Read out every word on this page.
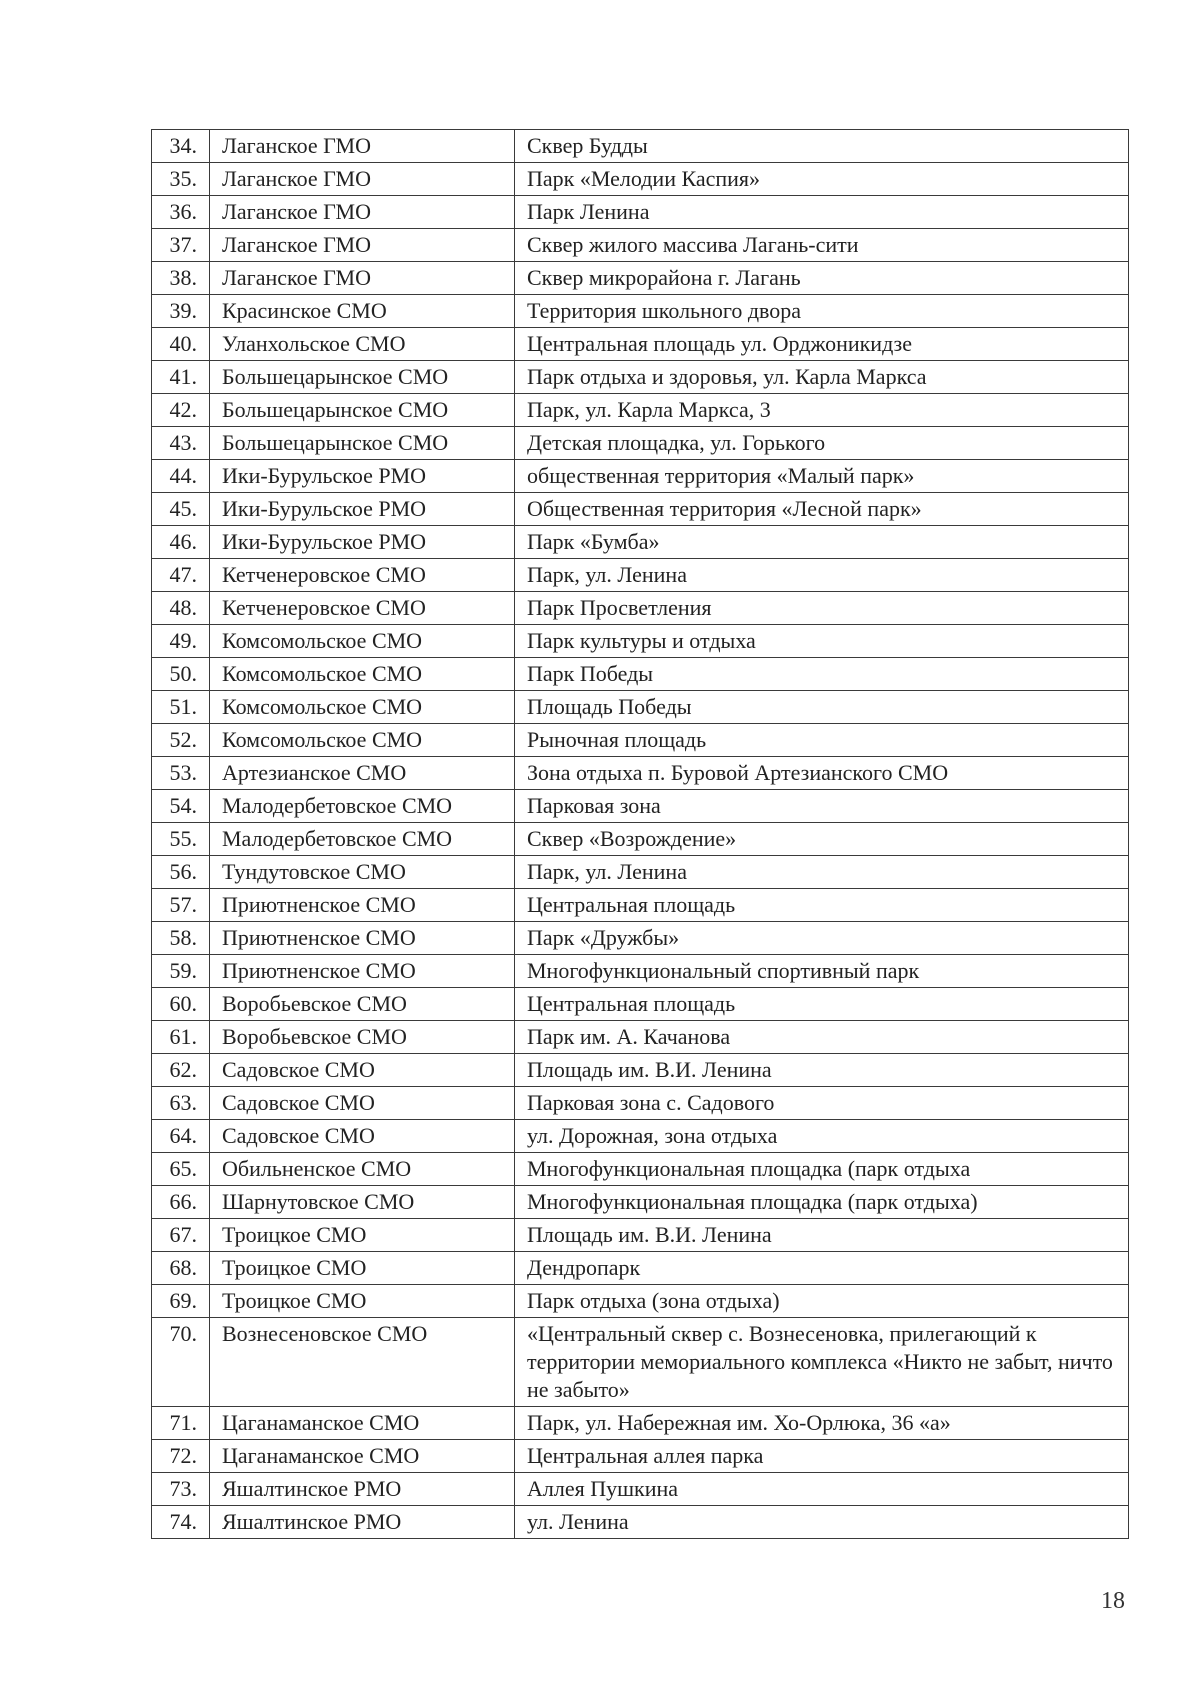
34.	Лаганское ГМО	Сквер Будды
35.	Лаганское ГМО	Парк «Мелодии Каспия»
36.	Лаганское ГМО	Парк Ленина
37.	Лаганское ГМО	Сквер жилого массива Лагань-сити
38.	Лаганское ГМО	Сквер микрорайона г. Лагань
39.	Красинское СМО	Территория школьного двора
40.	Уланхольское СМО	Центральная площадь ул. Орджоникидзе
41.	Большецарынское СМО	Парк отдыха и здоровья, ул. Карла Маркса
42.	Большецарынское СМО	Парк, ул. Карла Маркса, 3
43.	Большецарынское СМО	Детская площадка, ул. Горького
44.	Ики-Бурульское РМО	общественная территория «Малый парк»
45.	Ики-Бурульское РМО	Общественная территория «Лесной парк»
46.	Ики-Бурульское РМО	Парк «Бумба»
47.	Кетченеровское СМО	Парк, ул. Ленина
48.	Кетченеровское СМО	Парк Просветления
49.	Комсомольское СМО	Парк культуры и отдыха
50.	Комсомольское СМО	Парк Победы
51.	Комсомольское СМО	Площадь Победы
52.	Комсомольское СМО	Рыночная площадь
53.	Артезианское СМО	Зона отдыха п. Буровой Артезианского СМО
54.	Малодербетовское СМО	Парковая зона
55.	Малодербетовское СМО	Сквер «Возрождение»
56.	Тундутовское СМО	Парк, ул. Ленина
57.	Приютненское СМО	Центральная площадь
58.	Приютненское СМО	Парк «Дружбы»
59.	Приютненское СМО	Многофункциональный спортивный парк
60.	Воробьевское СМО	Центральная площадь
61.	Воробьевское СМО	Парк им. А. Качанова
62.	Садовское СМО	Площадь им. В.И. Ленина
63.	Садовское СМО	Парковая зона с. Садового
64.	Садовское СМО	ул. Дорожная, зона отдыха
65.	Обильненское СМО	Многофункциональная площадка (парк отдыха
66.	Шарнутовское СМО	Многофункциональная площадка (парк отдыха)
67.	Троицкое СМО	Площадь им. В.И. Ленина
68.	Троицкое СМО	Дендропарк
69.	Троицкое СМО	Парк отдыха (зона отдыха)
70.	Вознесеновское СМО	«Центральный сквер с. Вознесеновка, прилегающий к территории мемориального комплекса «Никто не забыт, ничто не забыто»
71.	Цаганаманское СМО	Парк, ул. Набережная им. Хо-Орлюка, 36 «а»
72.	Цаганаманское СМО	Центральная аллея парка
73.	Яшалтинское РМО	Аллея Пушкина
74.	Яшалтинское РМО	ул. Ленина
18
